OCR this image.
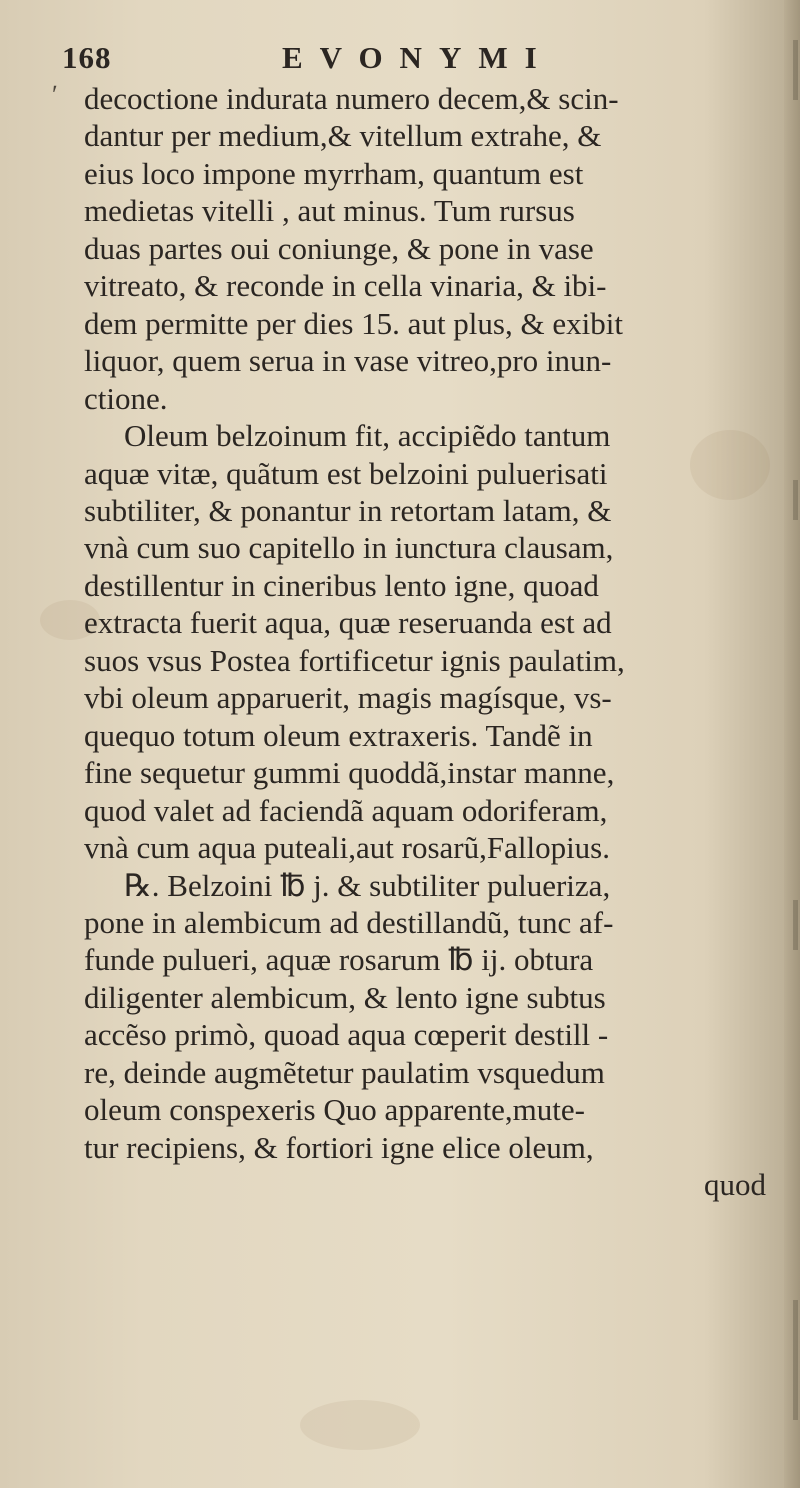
168	EVONYMI
ʹ decoctione indurata numero decem,& scin-
dantur per medium,& vitellum extrahe, &
eius loco impone myrrham, quantum est
medietas vitelli , aut minus. Tum rursus
duas partes oui coniunge, & pone in vase
vitreato, & reconde in cella vinaria, & ibi-
dem permitte per dies 15. aut plus, & exibit
liquor, quem serua in vase vitreo,pro inun-
ctione.
Oleum belzoinum fit, accipiẽdo tantum
aquæ vitæ, quãtum est belzoini puluerisati
subtiliter, & ponantur in retortam latam, &
vnà cum suo capitello in iunctura clausam,
destillentur in cineribus lento igne, quoad
extracta fuerit aqua, quæ reseruanda est ad
suos vsus Postea fortificetur ignis paulatim,
vbi oleum apparuerit, magis magísque, vs-
quequo totum oleum extraxeris. Tandẽ in
fine sequetur gummi quoddã,instar manne,
quod valet ad faciendã aquam odoriferam,
vnà cum aqua puteali,aut rosarũ,Fallopius.
℞. Belzoini ℔ j. & subtiliter pulueriza,
pone in alembicum ad destillandũ, tunc af-
funde pulueri, aquæ rosarum ℔ ij. obtura
diligenter alembicum, & lento igne subtus
accẽso primò, quoad aqua cœperit destill -
re, deinde augmẽtetur paulatim vsquedum
oleum conspexeris Quo apparente,mute-
tur recipiens, & fortiori igne elice oleum,
quod
